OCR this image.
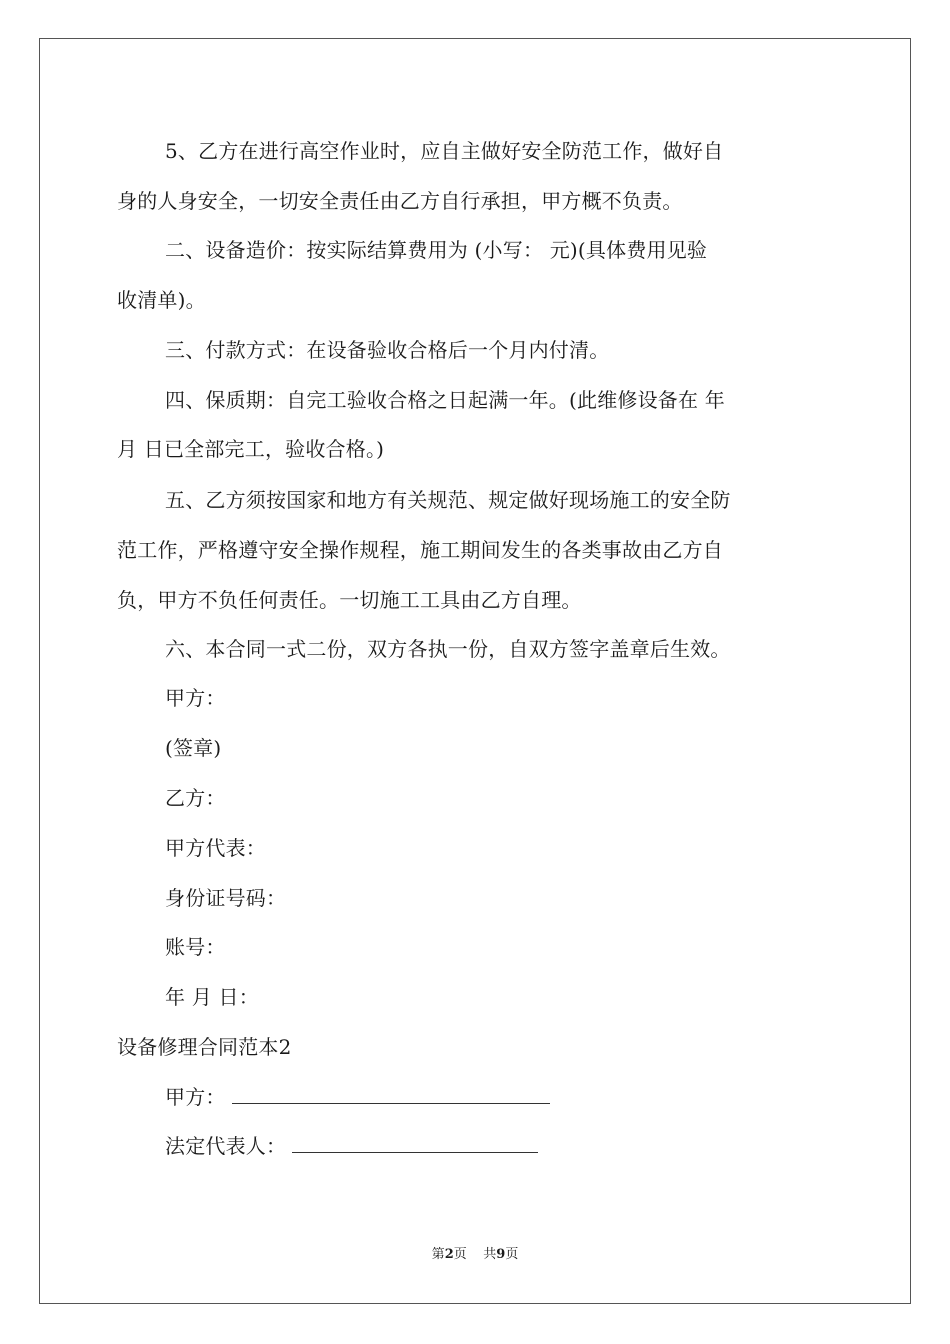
5、乙方在进行高空作业时，应自主做好安全防范工作，做好自
身的人身安全，一切安全责任由乙方自行承担，甲方概不负责。
二、设备造价：按实际结算费用为 (小写： 元)(具体费用见验
收清单)。
三、付款方式：在设备验收合格后一个月内付清。
四、保质期：自完工验收合格之日起满一年。(此维修设备在 年
月 日已全部完工，验收合格。)
五、乙方须按国家和地方有关规范、规定做好现场施工的安全防
范工作，严格遵守安全操作规程，施工期间发生的各类事故由乙方自
负，甲方不负任何责任。一切施工工具由乙方自理。
六、本合同一式二份，双方各执一份，自双方签字盖章后生效。
甲方：
(签章)
乙方：
甲方代表：
身份证号码：
账号：
年 月 日：
设备修理合同范本2
甲方：
法定代表人：
第2页    共9页
